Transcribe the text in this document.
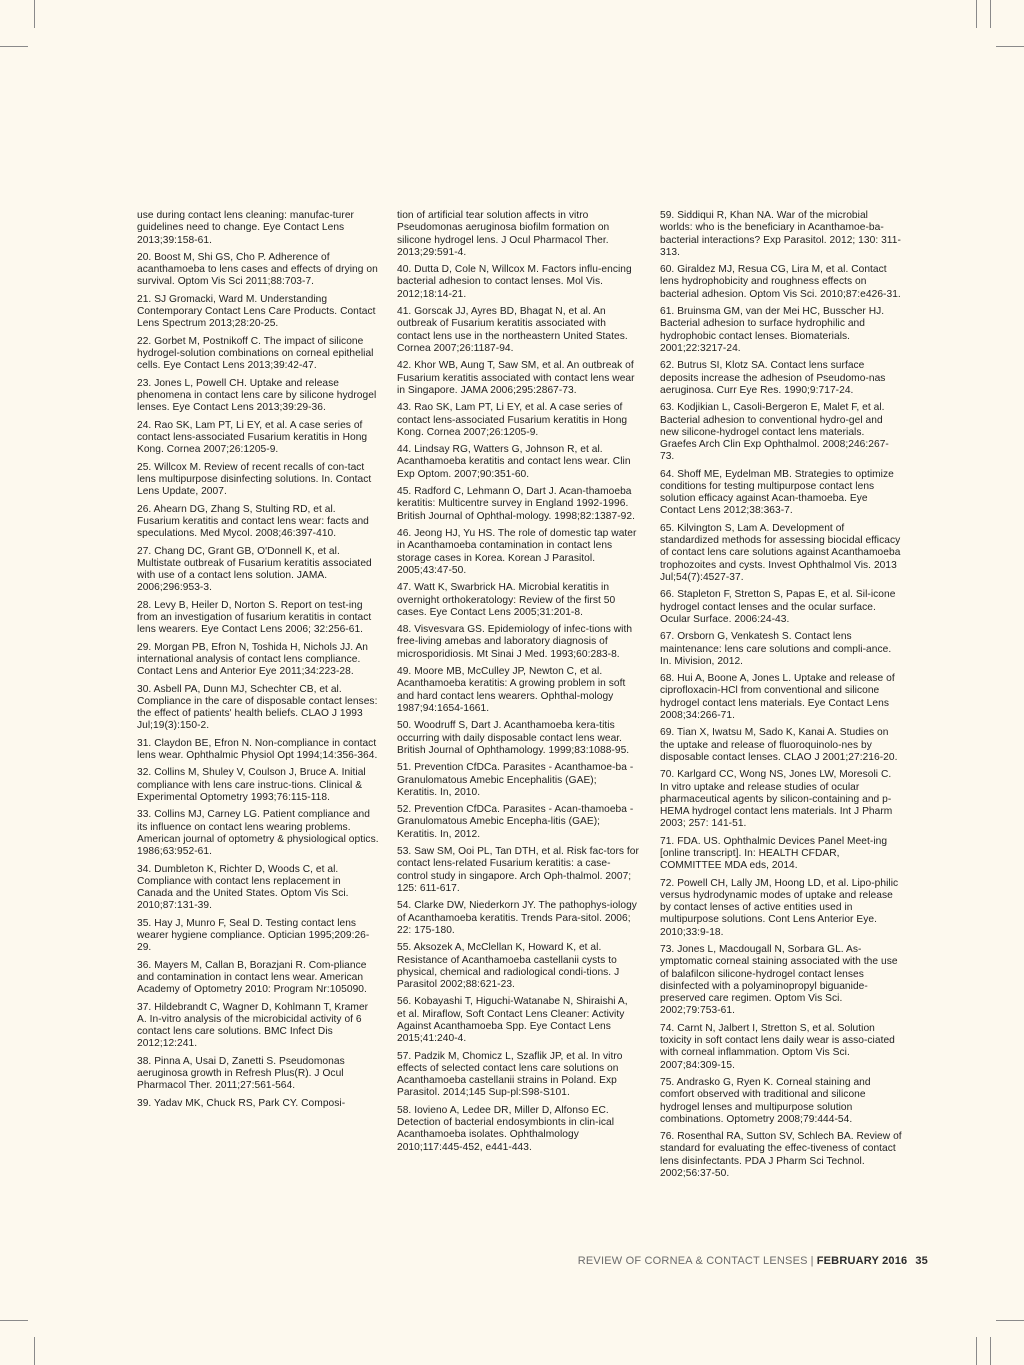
use during contact lens cleaning: manufac-turer guidelines need to change. Eye Contact Lens 2013;39:158-61.

20. Boost M, Shi GS, Cho P. Adherence of acanthamoeba to lens cases and effects of drying on survival. Optom Vis Sci 2011;88:703-7.

21. SJ Gromacki, Ward M. Understanding Contemporary Contact Lens Care Products. Contact Lens Spectrum 2013;28:20-25.

22. Gorbet M, Postnikoff C. The impact of silicone hydrogel-solution combinations on corneal epithelial cells. Eye Contact Lens 2013;39:42-47.

23. Jones L, Powell CH. Uptake and release phenomena in contact lens care by silicone hydrogel lenses. Eye Contact Lens 2013;39:29-36.

24. Rao SK, Lam PT, Li EY, et al. A case series of contact lens-associated Fusarium keratitis in Hong Kong. Cornea 2007;26:1205-9.

25. Willcox M. Review of recent recalls of con-tact lens multipurpose disinfecting solutions. In. Contact Lens Update, 2007.

26. Ahearn DG, Zhang S, Stulting RD, et al. Fusarium keratitis and contact lens wear: facts and speculations. Med Mycol. 2008;46:397-410.

27. Chang DC, Grant GB, O'Donnell K, et al. Multistate outbreak of Fusarium keratitis associated with use of a contact lens solution. JAMA. 2006;296:953-3.

28. Levy B, Heiler D, Norton S. Report on test-ing from an investigation of fusarium keratitis in contact lens wearers. Eye Contact Lens 2006; 32:256-61.

29. Morgan PB, Efron N, Toshida H, Nichols JJ. An international analysis of contact lens compliance. Contact Lens and Anterior Eye 2011;34:223-28.

30. Asbell PA, Dunn MJ, Schechter CB, et al. Compliance in the care of disposable contact lenses: the effect of patients' health beliefs. CLAO J 1993 Jul;19(3):150-2.

31. Claydon BE, Efron N. Non-compliance in contact lens wear. Ophthalmic Physiol Opt 1994;14:356-364.

32. Collins M, Shuley V, Coulson J, Bruce A. Initial compliance with lens care instruc-tions. Clinical & Experimental Optometry 1993;76:115-118.

33. Collins MJ, Carney LG. Patient compliance and its influence on contact lens wearing problems. American journal of optometry & physiological optics. 1986;63:952-61.

34. Dumbleton K, Richter D, Woods C, et al. Compliance with contact lens replacement in Canada and the United States. Optom Vis Sci. 2010;87:131-39.

35. Hay J, Munro F, Seal D. Testing contact lens wearer hygiene compliance. Optician 1995;209:26-29.

36. Mayers M, Callan B, Borazjani R. Com-pliance and contamination in contact lens wear. American Academy of Optometry 2010: Program Nr:105090.

37. Hildebrandt C, Wagner D, Kohlmann T, Kramer A. In-vitro analysis of the microbicidal activity of 6 contact lens care solutions. BMC Infect Dis 2012;12:241.

38. Pinna A, Usai D, Zanetti S. Pseudomonas aeruginosa growth in Refresh Plus(R). J Ocul Pharmacol Ther. 2011;27:561-564.

39. Yadav MK, Chuck RS, Park CY. Composi-

tion of artificial tear solution affects in vitro Pseudomonas aeruginosa biofilm formation on silicone hydrogel lens. J Ocul Pharmacol Ther. 2013;29:591-4.

40. Dutta D, Cole N, Willcox M. Factors influ-encing bacterial adhesion to contact lenses. Mol Vis. 2012;18:14-21.

41. Gorscak JJ, Ayres BD, Bhagat N, et al. An outbreak of Fusarium keratitis associated with contact lens use in the northeastern United States. Cornea 2007;26:1187-94.

42. Khor WB, Aung T, Saw SM, et al. An outbreak of Fusarium keratitis associated with contact lens wear in Singapore. JAMA 2006;295:2867-73.

43. Rao SK, Lam PT, Li EY, et al. A case series of contact lens-associated Fusarium keratitis in Hong Kong. Cornea 2007;26:1205-9.

44. Lindsay RG, Watters G, Johnson R, et al. Acanthamoeba keratitis and contact lens wear. Clin Exp Optom. 2007;90:351-60.

45. Radford C, Lehmann O, Dart J. Acan-thamoeba keratitis: Multicentre survey in England 1992-1996. British Journal of Ophthal-mology. 1998;82:1387-92.

46. Jeong HJ, Yu HS. The role of domestic tap water in Acanthamoeba contamination in contact lens storage cases in Korea. Korean J Parasitol. 2005;43:47-50.

47. Watt K, Swarbrick HA. Microbial keratitis in overnight orthokeratology: Review of the first 50 cases. Eye Contact Lens 2005;31:201-8.

48. Visvesvara GS. Epidemiology of infec-tions with free-living amebas and laboratory diagnosis of microsporidiosis. Mt Sinai J Med. 1993;60:283-8.

49. Moore MB, McCulley JP, Newton C, et al. Acanthamoeba keratitis: A growing problem in soft and hard contact lens wearers. Ophthal-mology 1987;94:1654-1661.

50. Woodruff S, Dart J. Acanthamoeba kera-titis occurring with daily disposable contact lens wear. British Journal of Ophthamology. 1999;83:1088-95.

51. Prevention CfDCa. Parasites - Acanthamoe-ba - Granulomatous Amebic Encephalitis (GAE); Keratitis. In, 2010.

52. Prevention CfDCa. Parasites - Acan-thamoeba - Granulomatous Amebic Encepha-litis (GAE); Keratitis. In, 2012.

53. Saw SM, Ooi PL, Tan DTH, et al. Risk fac-tors for contact lens-related Fusarium keratitis: a case-control study in singapore. Arch Oph-thalmol. 2007; 125: 611-617.

54. Clarke DW, Niederkorn JY. The pathophys-iology of Acanthamoeba keratitis. Trends Para-sitol. 2006; 22: 175-180.

55. Aksozek A, McClellan K, Howard K, et al. Resistance of Acanthamoeba castellanii cysts to physical, chemical and radiological condi-tions. J Parasitol 2002;88:621-23.

56. Kobayashi T, Higuchi-Watanabe N, Shiraishi A, et al. Miraflow, Soft Contact Lens Cleaner: Activity Against Acanthamoeba Spp. Eye Contact Lens 2015;41:240-4.

57. Padzik M, Chomicz L, Szaflik JP, et al. In vitro effects of selected contact lens care solutions on Acanthamoeba castellanii strains in Poland. Exp Parasitol. 2014;145 Sup-pl:S98-S101.

58. Iovieno A, Ledee DR, Miller D, Alfonso EC. Detection of bacterial endosymbionts in clin-ical Acanthamoeba isolates. Ophthalmology 2010;117:445-452, e441-443.

59. Siddiqui R, Khan NA. War of the microbial worlds: who is the beneficiary in Acanthamoe-ba-bacterial interactions? Exp Parasitol. 2012; 130: 311-313.

60. Giraldez MJ, Resua CG, Lira M, et al. Contact lens hydrophobicity and roughness effects on bacterial adhesion. Optom Vis Sci. 2010;87:e426-31.

61. Bruinsma GM, van der Mei HC, Busscher HJ. Bacterial adhesion to surface hydrophilic and hydrophobic contact lenses. Biomaterials. 2001;22:3217-24.

62. Butrus SI, Klotz SA. Contact lens surface deposits increase the adhesion of Pseudomo-nas aeruginosa. Curr Eye Res. 1990;9:717-24.

63. Kodjikian L, Casoli-Bergeron E, Malet F, et al. Bacterial adhesion to conventional hydro-gel and new silicone-hydrogel contact lens materials. Graefes Arch Clin Exp Ophthalmol. 2008;246:267-73.

64. Shoff ME, Eydelman MB. Strategies to optimize conditions for testing multipurpose contact lens solution efficacy against Acan-thamoeba. Eye Contact Lens 2012;38:363-7.

65. Kilvington S, Lam A. Development of standardized methods for assessing biocidal efficacy of contact lens care solutions against Acanthamoeba trophozoites and cysts. Invest Ophthalmol Vis. 2013 Jul;54(7):4527-37.

66. Stapleton F, Stretton S, Papas E, et al. Sil-icone hydrogel contact lenses and the ocular surface. Ocular Surface. 2006:24-43.

67. Orsborn G, Venkatesh S. Contact lens maintenance: lens care solutions and compli-ance. In. Mivision, 2012.

68. Hui A, Boone A, Jones L. Uptake and release of ciprofloxacin-HCl from conventional and silicone hydrogel contact lens materials. Eye Contact Lens 2008;34:266-71.

69. Tian X, Iwatsu M, Sado K, Kanai A. Studies on the uptake and release of fluoroquinolo-nes by disposable contact lenses. CLAO J 2001;27:216-20.

70. Karlgard CC, Wong NS, Jones LW, Moresoli C. In vitro uptake and release studies of ocular pharmaceutical agents by silicon-containing and p-HEMA hydrogel contact lens materials. Int J Pharm 2003; 257: 141-51.

71. FDA. US. Ophthalmic Devices Panel Meet-ing [online transcript]. In: HEALTH CFDAR, COMMITTEE MDA eds, 2014.

72. Powell CH, Lally JM, Hoong LD, et al. Lipo-philic versus hydrodynamic modes of uptake and release by contact lenses of active entities used in multipurpose solutions. Cont Lens Anterior Eye. 2010;33:9-18.

73. Jones L, Macdougall N, Sorbara GL. As-ymptomatic corneal staining associated with the use of balafilcon silicone-hydrogel contact lenses disinfected with a polyaminopropyl biguanide-preserved care regimen. Optom Vis Sci. 2002;79:753-61.

74. Carnt N, Jalbert I, Stretton S, et al. Solution toxicity in soft contact lens daily wear is asso-ciated with corneal inflammation. Optom Vis Sci. 2007;84:309-15.

75. Andrasko G, Ryen K. Corneal staining and comfort observed with traditional and silicone hydrogel lenses and multipurpose solution combinations. Optometry 2008;79:444-54.

76. Rosenthal RA, Sutton SV, Schlech BA. Review of standard for evaluating the effec-tiveness of contact lens disinfectants. PDA J Pharm Sci Technol. 2002;56:37-50.

REVIEW OF CORNEA & CONTACT LENSES | FEBRUARY 2016 35
